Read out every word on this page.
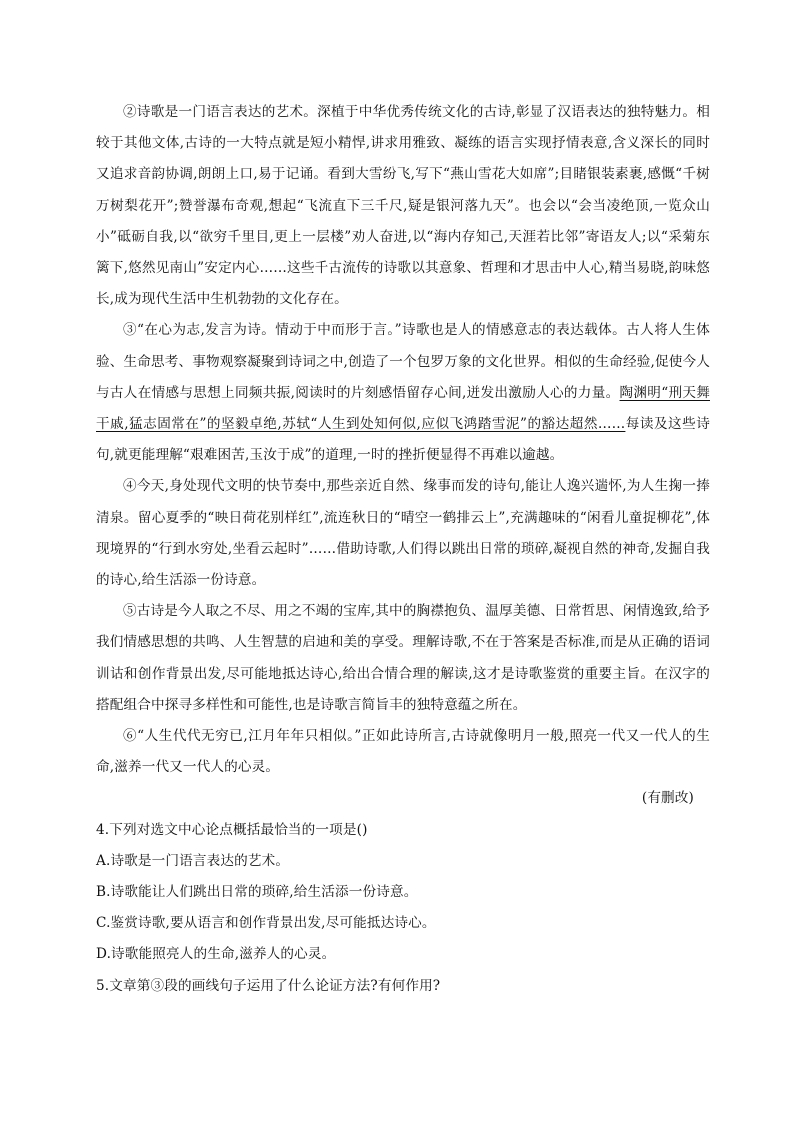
②诗歌是一门语言表达的艺术。深植于中华优秀传统文化的古诗,彰显了汉语表达的独特魅力。相较于其他文体,古诗的一大特点就是短小精悍,讲求用雅致、凝练的语言实现抒情表意,含义深长的同时又追求音韵协调,朗朗上口,易于记诵。看到大雪纷飞,写下“燕山雪花大如席”;目睹银装素裹,感慨“千树万树梨花开”;赞誉瀑布奇观,想起“飞流直下三千尺,疑是银河落九天”。也会以“会当凌绝顶,一览众山小”砥砺自我,以“欲穷千里目,更上一层楼”劝人奋进,以“海内存知己,天涯若比邻”寄语友人;以“采菊东篱下,悠然见南山”安定内心……这些千古流传的诗歌以其意象、哲理和才思击中人心,精当易晓,韵味悠长,成为现代生活中生机勃勃的文化存在。

③“在心为志,发言为诗。情动于中而形于言。”诗歌也是人的情感意志的表达载体。古人将人生体验、生命思考、事物观察凝聚到诗词之中,创造了一个包罗万象的文化世界。相似的生命经验,促使今人与古人在情感与思想上同频共振,阅读时的片刻感悟留存心间,迸发出激励人心的力量。陶渊明“刑天舞干戚,猛志固常在”的坚毅卓绝,苏轼“人生到处知何似,应似飞鸿踏雪泥”的豁达超然……每读及这些诗句,就更能理解“艰难困苦,玉汝于成”的道理,一时的挫折便显得不再难以逾越。

④今天,身处现代文明的快节奏中,那些亲近自然、缘事而发的诗句,能让人逸兴遄怀,为人生掬一捧清泉。留心夏季的“映日荷花别样红”,流连秋日的“晴空一鹤排云上”,充满趣味的“闲看儿童捉柳花”,体现境界的“行到水穷处,坐看云起时”……借助诗歌,人们得以跳出日常的琐碎,凝视自然的神奇,发掘自我的诗心,给生活添一份诗意。

⑤古诗是今人取之不尽、用之不竭的宝库,其中的胸襟抱负、温厚美德、日常哲思、闲情逸致,给予我们情感思想的共鸣、人生智慧的启迪和美的享受。理解诗歌,不在于答案是否标准,而是从正确的语词训诂和创作背景出发,尽可能地抵达诗心,给出合情合理的解读,这才是诗歌鉴赏的重要主旨。在汉字的搭配组合中探寻多样性和可能性,也是诗歌言简旨丰的独特意蕴之所在。

⑥“人生代代无穷已,江月年年只相似。”正如此诗所言,古诗就像明月一般,照亮一代又一代人的生命,滋养一代又一代人的心灵。

(有删改)

4.下列对选文中心论点概括最恰当的一项是()

A.诗歌是一门语言表达的艺术。

B.诗歌能让人们跳出日常的琐碎,给生活添一份诗意。

C.鉴赏诗歌,要从语言和创作背景出发,尽可能抵达诗心。

D.诗歌能照亮人的生命,滋养人的心灵。

5.文章第③段的画线句子运用了什么论证方法?有何作用?
